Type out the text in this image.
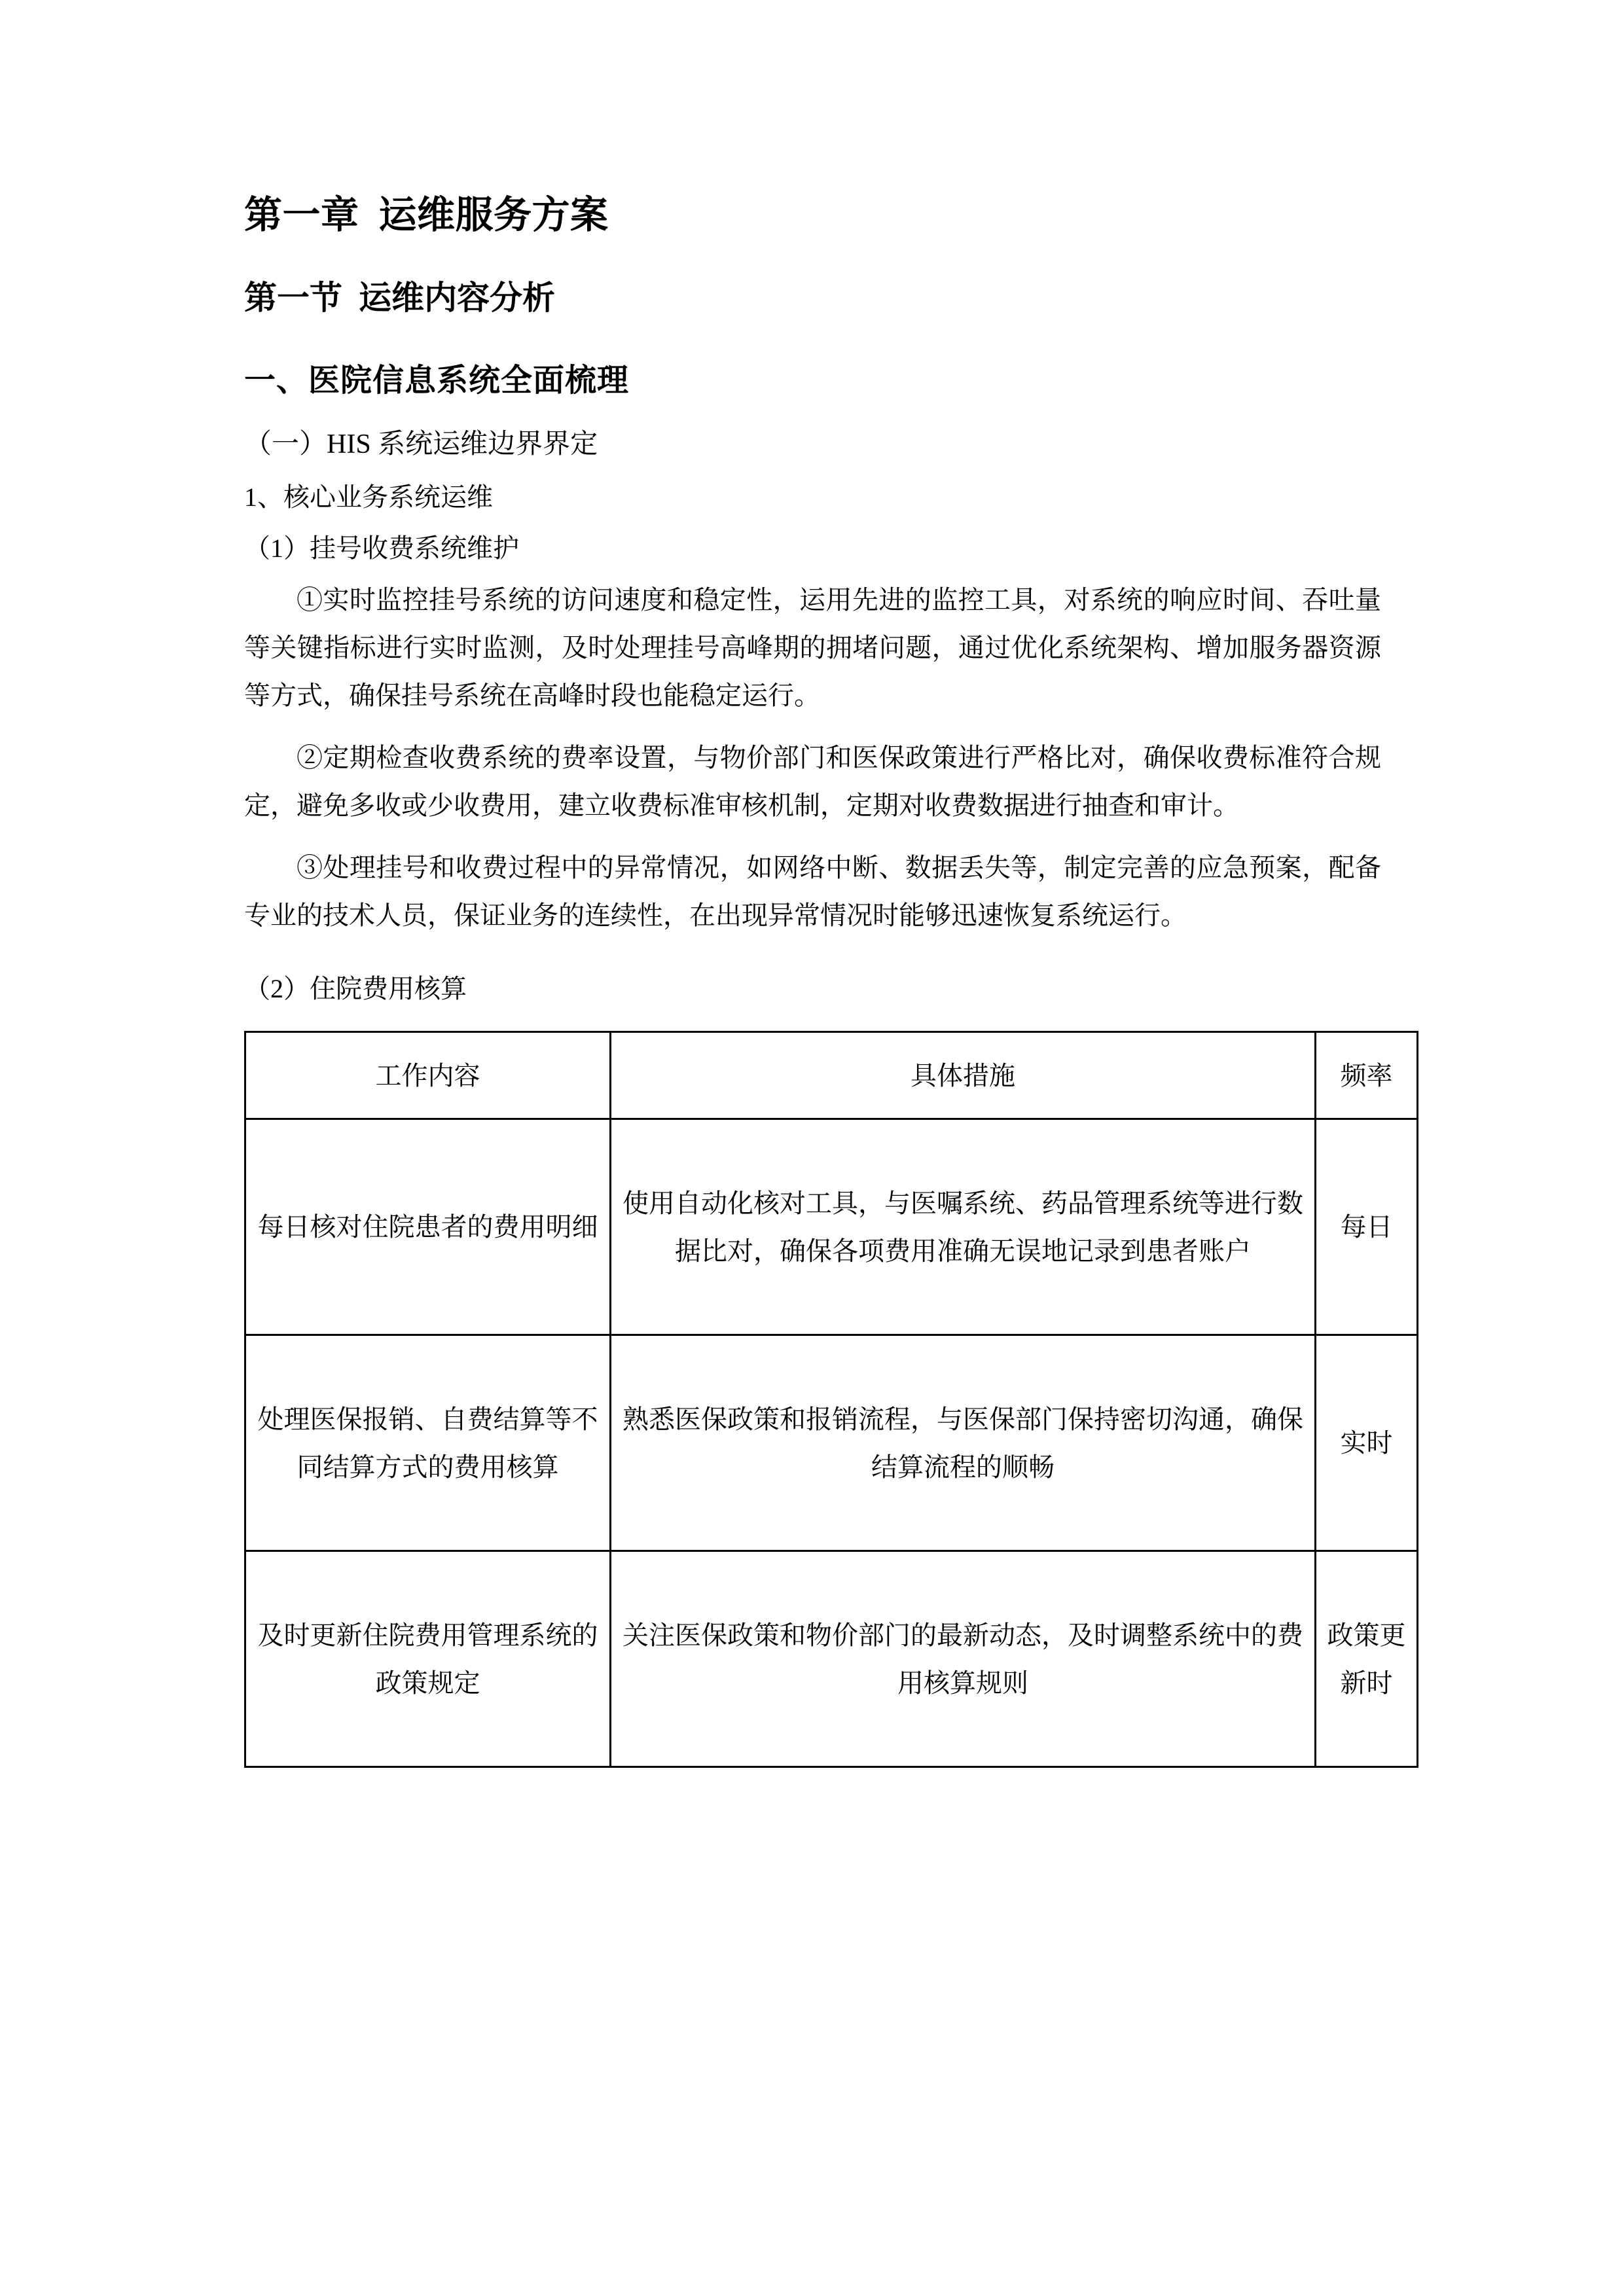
第一章  运维服务方案
第一节  运维内容分析
一、医院信息系统全面梳理

（一）HIS 系统运维边界界定

1、核心业务系统运维

（1）挂号收费系统维护

①实时监控挂号系统的访问速度和稳定性，运用先进的监控工具，对系统的响应时间、吞吐量等关键指标进行实时监测，及时处理挂号高峰期的拥堵问题，通过优化系统架构、增加服务器资源等方式，确保挂号系统在高峰时段也能稳定运行。

②定期检查收费系统的费率设置，与物价部门和医保政策进行严格比对，确保收费标准符合规定，避免多收或少收费用，建立收费标准审核机制，定期对收费数据进行抽查和审计。

③处理挂号和收费过程中的异常情况，如网络中断、数据丢失等，制定完善的应急预案，配备专业的技术人员，保证业务的连续性，在出现异常情况时能够迅速恢复系统运行。

（2）住院费用核算

工作内容	具体措施	频率
每日核对住院患者的费用明细	使用自动化核对工具，与医嘱系统、药品管理系统等进行数据比对，确保各项费用准确无误地记录到患者账户	每日
处理医保报销、自费结算等不同结算方式的费用核算	熟悉医保政策和报销流程，与医保部门保持密切沟通，确保结算流程的顺畅	实时
及时更新住院费用管理系统的政策规定	关注医保政策和物价部门的最新动态，及时调整系统中的费用核算规则	政策更新时
